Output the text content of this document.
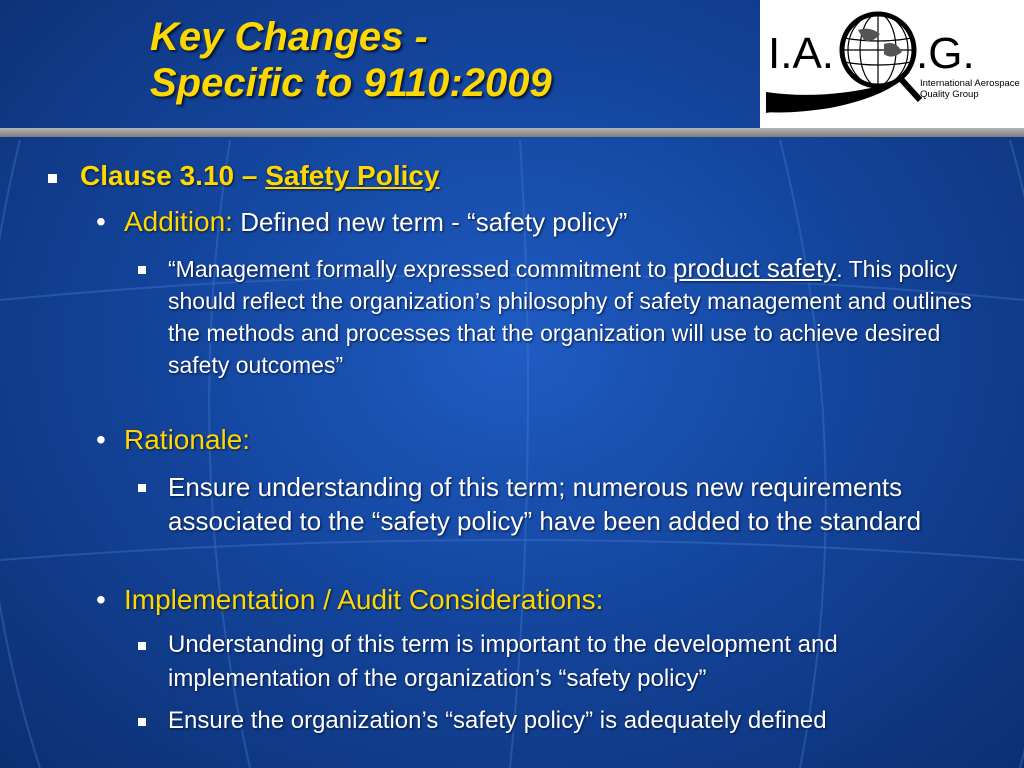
Key Changes -
Specific to 9110:2009
I.A. .G.
International Aerospace
Quality Group
Clause 3.10 – Safety Policy
• Addition: Defined new term - “safety policy”
“Management formally expressed commitment to product safety. This policy should reflect the organization’s philosophy of safety management and outlines the methods and processes that the organization will use to achieve desired safety outcomes”
• Rationale:
Ensure understanding of this term; numerous new requirements associated to the “safety policy” have been added to the standard
• Implementation / Audit Considerations:
Understanding of this term is important to the development and implementation of the organization’s “safety policy”
Ensure the organization’s “safety policy” is adequately defined
